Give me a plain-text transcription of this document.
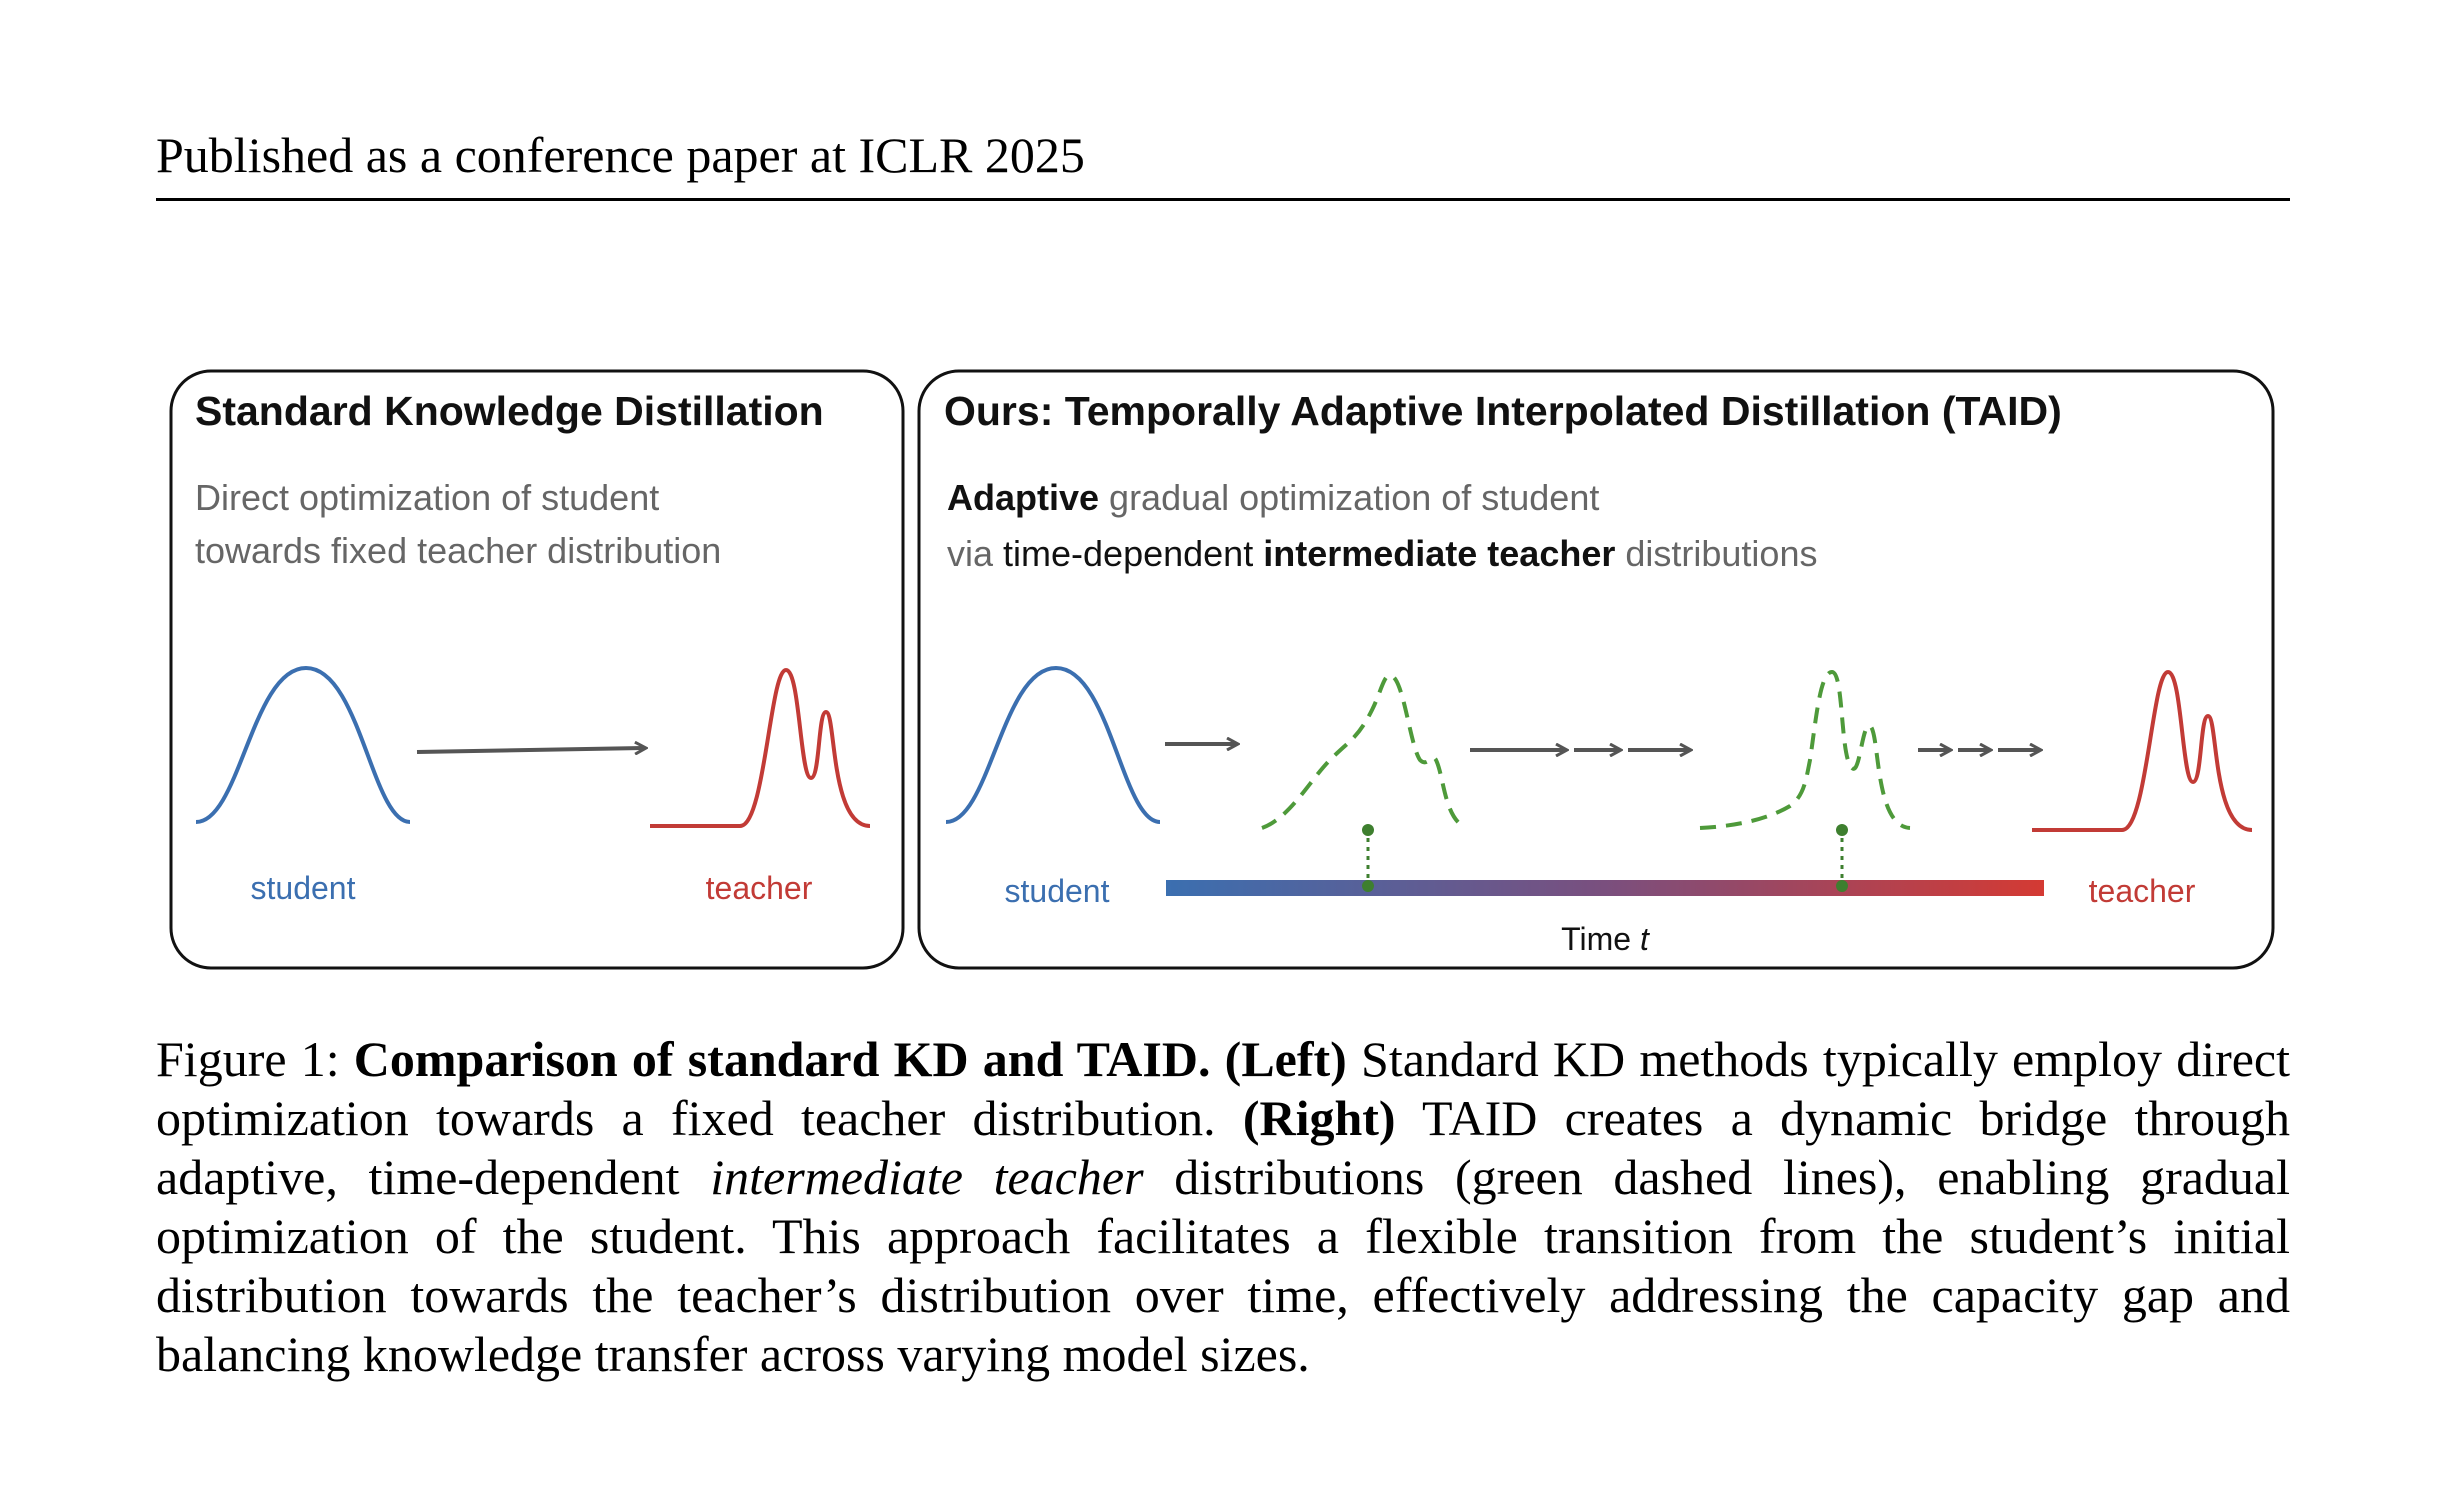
Published as a conference paper at ICLR 2025
Standard Knowledge Distillation
Direct optimization of student
towards fixed teacher distribution
student	teacher
Ours: Temporally Adaptive Interpolated Distillation (TAID)
Adaptive gradual optimization of student
via time-dependent intermediate teacher distributions
student	teacher
Time t
Figure 1: Comparison of standard KD and TAID. (Left) Standard KD methods typically employ direct optimization towards a fixed teacher distribution. (Right) TAID creates a dynamic bridge through adaptive, time-dependent intermediate teacher distributions (green dashed lines), enabling gradual optimization of the student. This approach facilitates a flexible transition from the student’s initial distribution towards the teacher’s distribution over time, effectively addressing the capacity gap and balancing knowledge transfer across varying model sizes.
